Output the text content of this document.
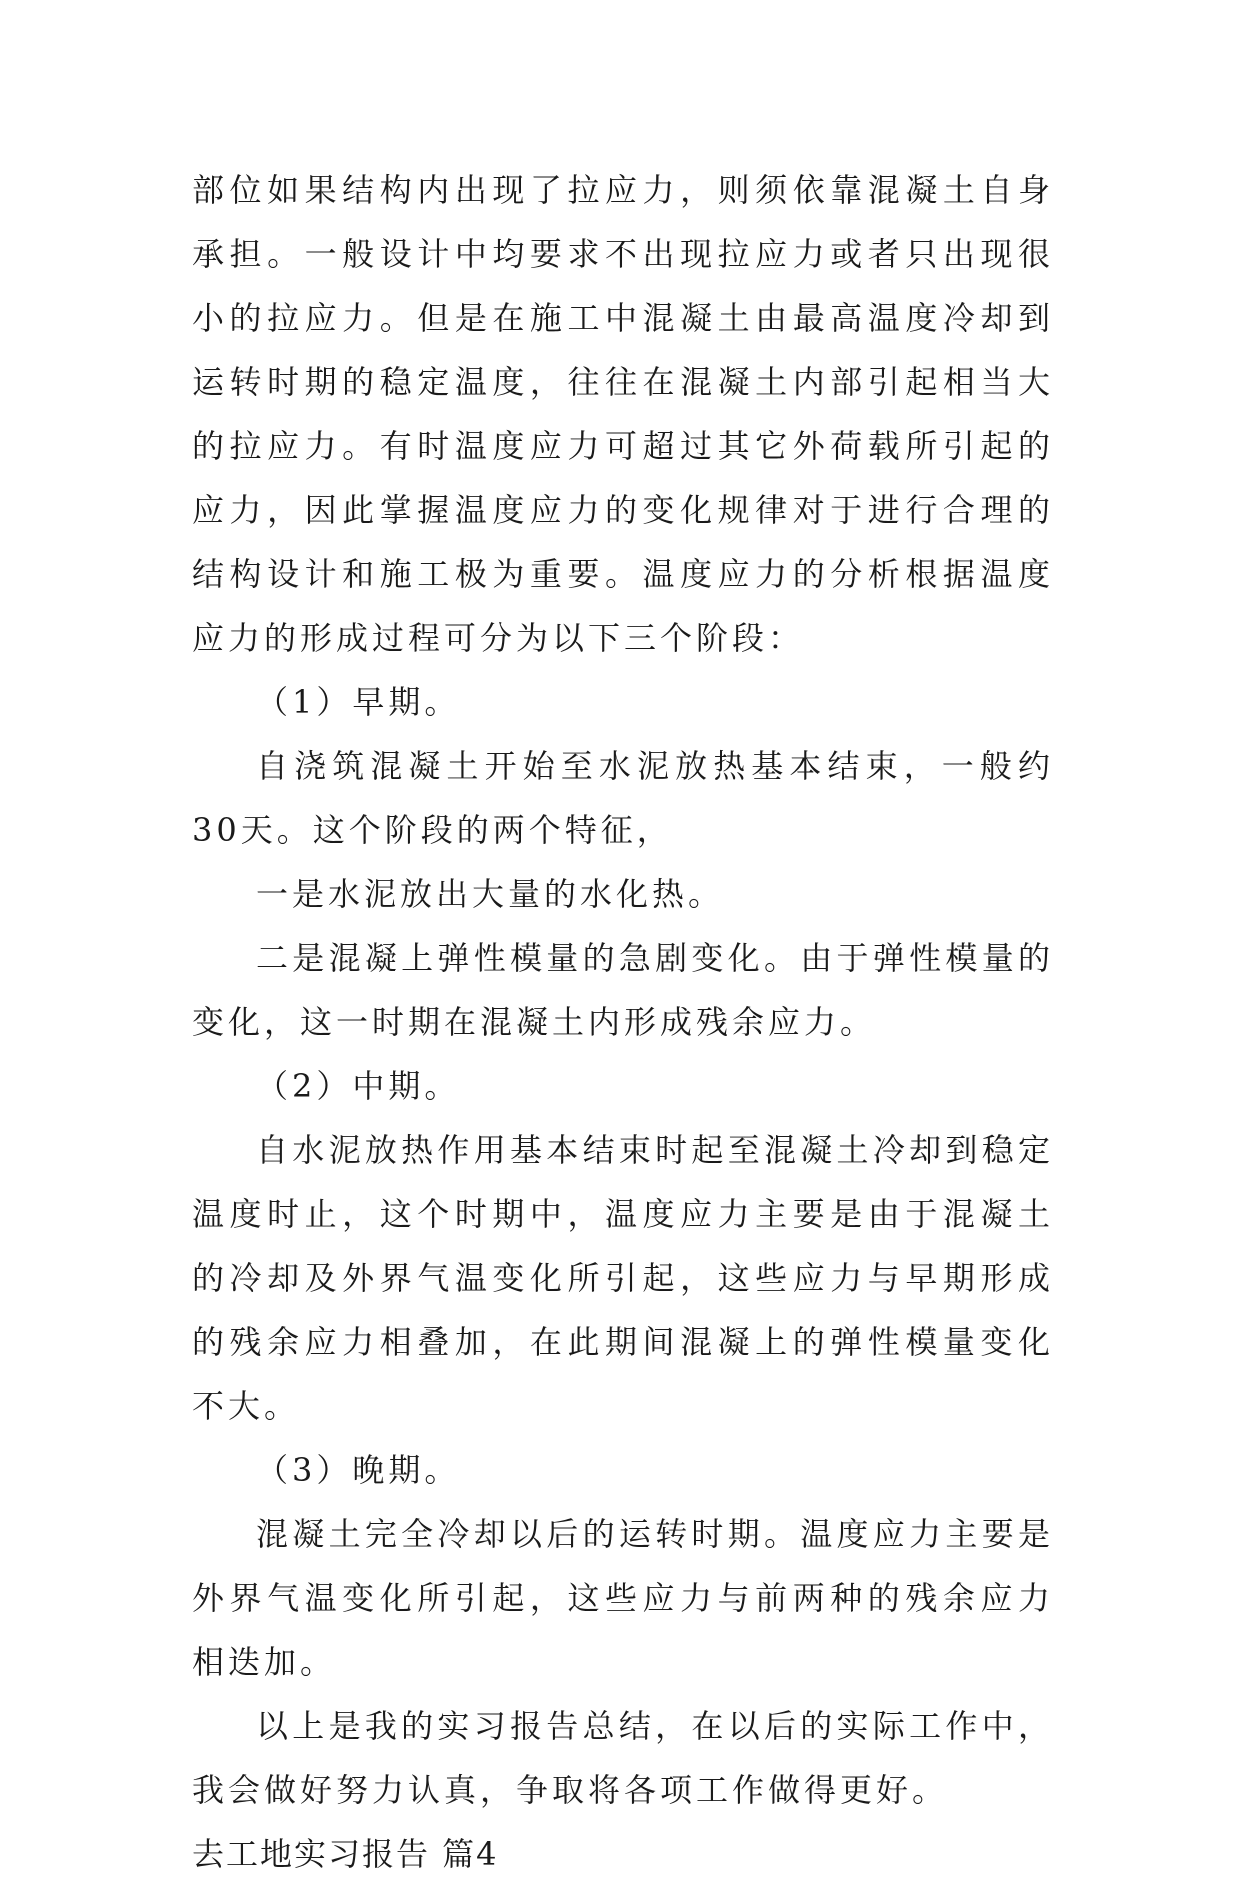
部位如果结构内出现了拉应力，则须依靠混凝土自身承担。一般设计中均要求不出现拉应力或者只出现很小的拉应力。但是在施工中混凝土由最高温度冷却到运转时期的稳定温度，往往在混凝土内部引起相当大的拉应力。有时温度应力可超过其它外荷载所引起的应力，因此掌握温度应力的变化规律对于进行合理的结构设计和施工极为重要。温度应力的分析根据温度应力的形成过程可分为以下三个阶段：

（1）早期。

自浇筑混凝土开始至水泥放热基本结束，一般约30天。这个阶段的两个特征，

一是水泥放出大量的水化热。

二是混凝上弹性模量的急剧变化。由于弹性模量的变化，这一时期在混凝土内形成残余应力。

（2）中期。

自水泥放热作用基本结束时起至混凝土冷却到稳定温度时止，这个时期中，温度应力主要是由于混凝土的冷却及外界气温变化所引起，这些应力与早期形成的残余应力相叠加，在此期间混凝上的弹性模量变化不大。

（3）晚期。

混凝土完全冷却以后的运转时期。温度应力主要是外界气温变化所引起，这些应力与前两种的残余应力相迭加。

以上是我的实习报告总结，在以后的实际工作中，我会做好努力认真，争取将各项工作做得更好。

去工地实习报告 篇4
